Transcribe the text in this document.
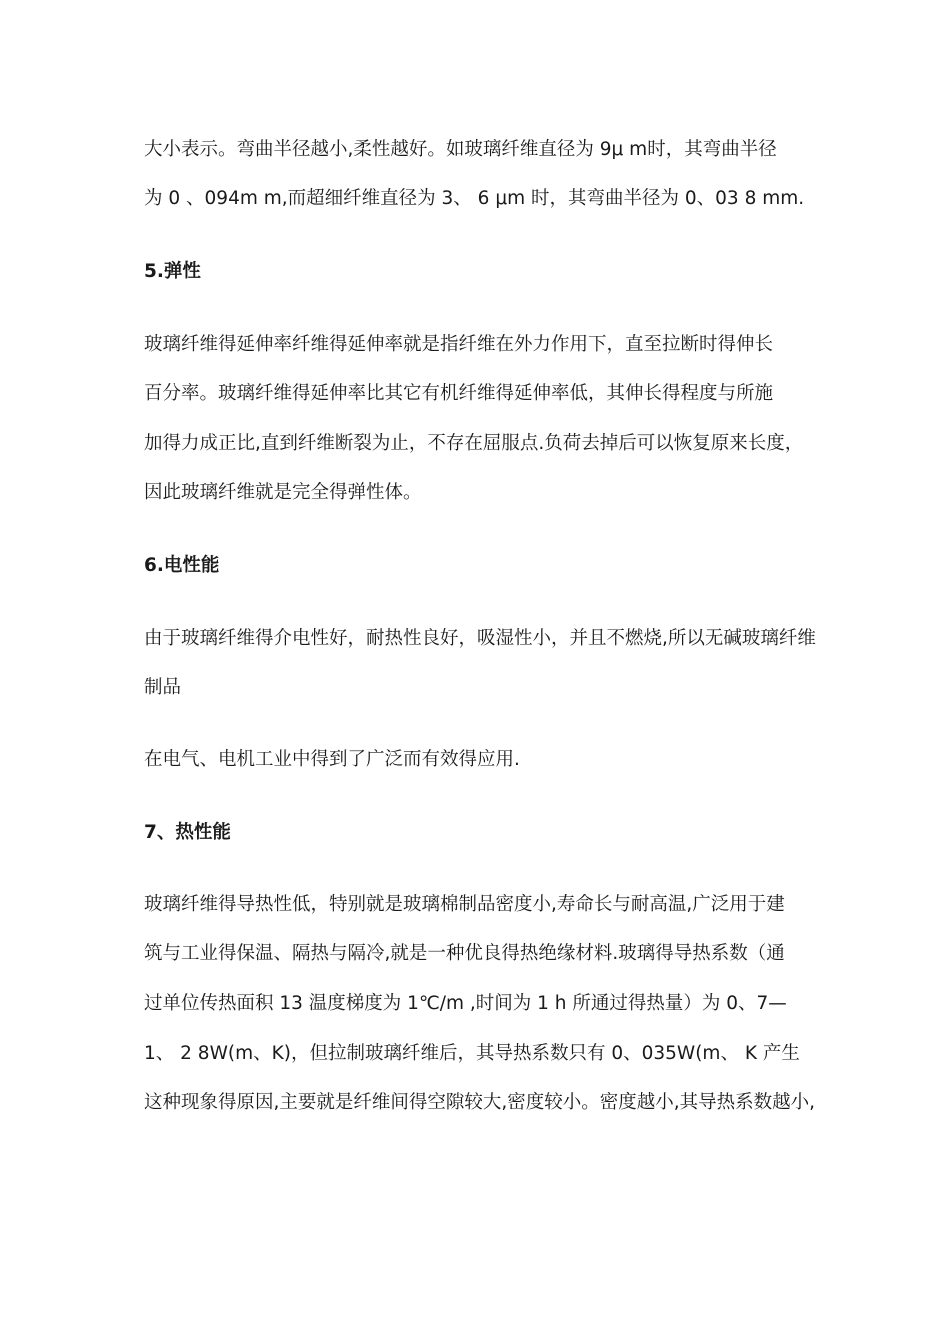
大小表示。弯曲半径越小,柔性越好。如玻璃纤维直径为 9μ m时，其弯曲半径
为 0 、094m m,而超细纤维直径为 3、 6 μm 时，其弯曲半径为 0、03 8 mm.
5.弹性
玻璃纤维得延伸率纤维得延伸率就是指纤维在外力作用下，直至拉断时得伸长
百分率。玻璃纤维得延伸率比其它有机纤维得延伸率低，其伸长得程度与所施
加得力成正比,直到纤维断裂为止，不存在屈服点.负荷去掉后可以恢复原来长度，
因此玻璃纤维就是完全得弹性体。
6.电性能
由于玻璃纤维得介电性好，耐热性良好，吸湿性小，并且不燃烧,所以无碱玻璃纤维
制品
在电气、电机工业中得到了广泛而有效得应用.
7、热性能
玻璃纤维得导热性低，特别就是玻璃棉制品密度小,寿命长与耐高温,广泛用于建
筑与工业得保温、隔热与隔冷,就是一种优良得热绝缘材料.玻璃得导热系数（通
过单位传热面积 13 温度梯度为 1℃/m ,时间为 1 h 所通过得热量）为 0、7—
1、 2 8W(m、K)，但拉制玻璃纤维后，其导热系数只有 0、035W(m、 K 产生
这种现象得原因,主要就是纤维间得空隙较大,密度较小。密度越小,其导热系数越小,
